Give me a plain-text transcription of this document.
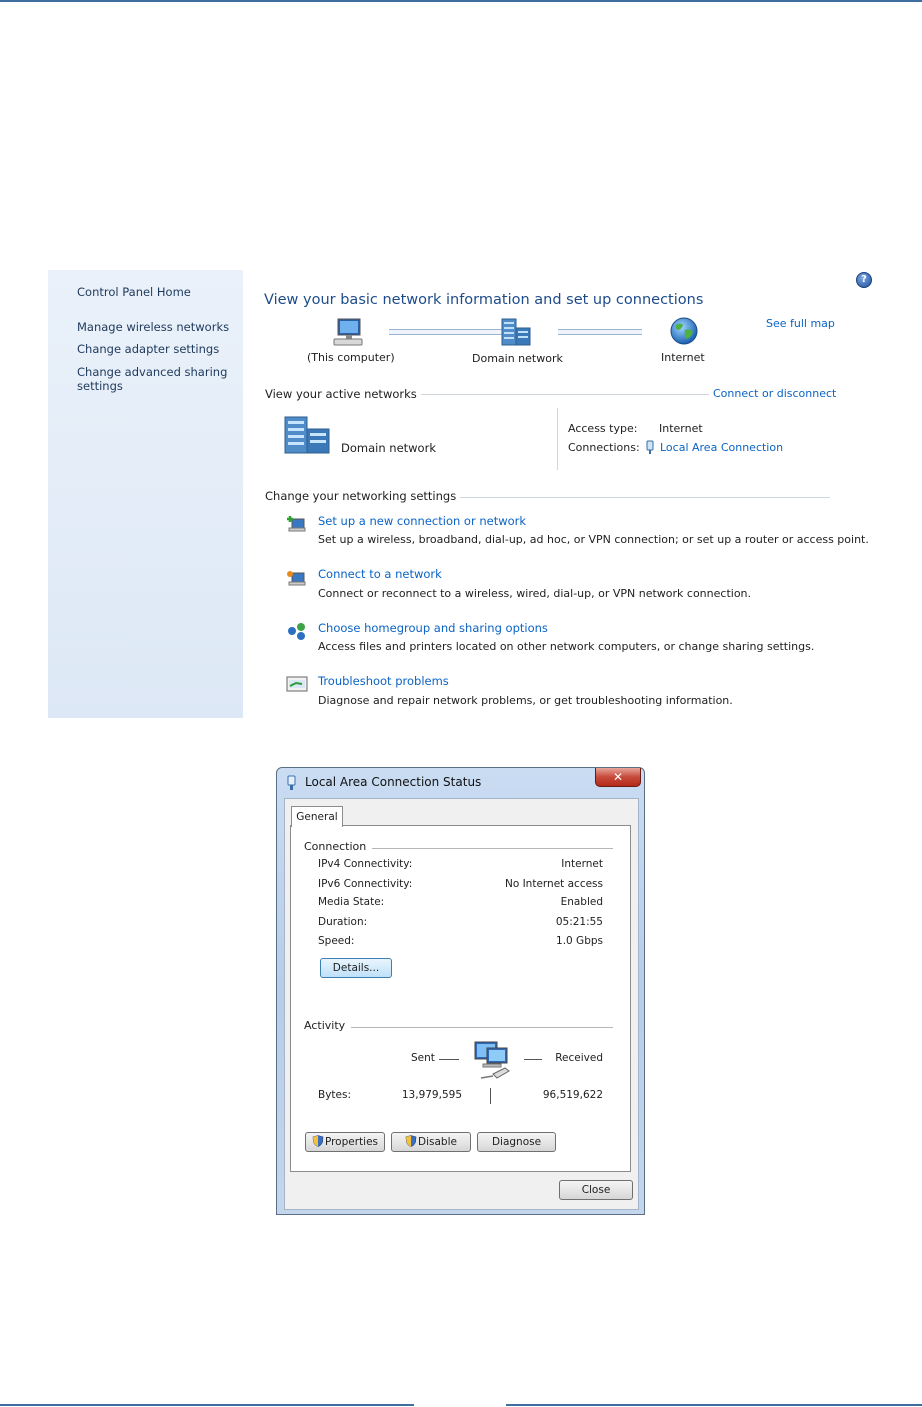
Control Panel Home
Manage wireless networks
Change adapter settings
Change advanced sharing settings
?
View your basic network information and set up connections
(This computer)	Domain network	Internet
See full map
View your active networks	Connect or disconnect
Domain network
Access type: Internet
Connections: Local Area Connection
Change your networking settings
Set up a new connection or network
Set up a wireless, broadband, dial-up, ad hoc, or VPN connection; or set up a router or access point.
Connect to a network
Connect or reconnect to a wireless, wired, dial-up, or VPN network connection.
Choose homegroup and sharing options
Access files and printers located on other network computers, or change sharing settings.
Troubleshoot problems
Diagnose and repair network problems, or get troubleshooting information.
Local Area Connection Status	✕
General
Connection
IPv4 Connectivity:	Internet
IPv6 Connectivity:	No Internet access
Media State:	Enabled
Duration:	05:21:55
Speed:	1.0 Gbps
Details...
Activity
Sent	Received
Bytes:	13,979,595	96,519,622
Properties	Disable	Diagnose
Close
